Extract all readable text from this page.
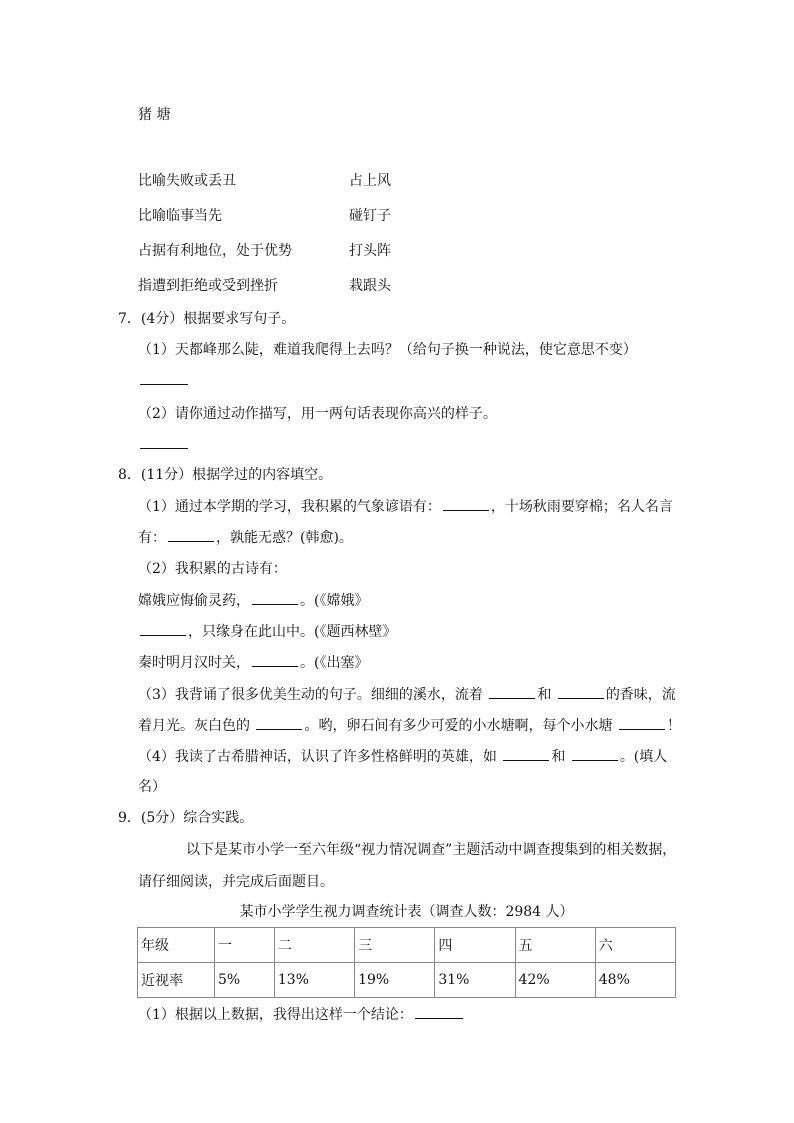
猪 塘
比喻失败或丢丑	占上风
比喻临事当先	碰钉子
占据有利地位，处于优势	打头阵
指遭到拒绝或受到挫折	栽跟头
7．(4分）根据要求写句子。
（1）天都峰那么陡，难道我爬得上去吗？（给句子换一种说法，使它意思不变）
（2）请你通过动作描写，用一两句话表现你高兴的样子。
8．(11分）根据学过的内容填空。
（1）通过本学期的学习，我积累的气象谚语有：	，十场秋雨要穿棉；名人名言
有：	，孰能无惑？(韩愈)。
（2）我积累的古诗有：
嫦娥应悔偷灵药，	。(《嫦娥》
，只缘身在此山中。(《题西林壁》
秦时明月汉时关，	。(《出塞》
（3）我背诵了很多优美生动的句子。细细的溪水，流着	和	的香味，流
着月光。灰白色的	。哟，卵石间有多少可爱的小水塘啊，每个小水塘	！
（4）我读了古希腊神话，认识了许多性格鲜明的英雄，如	和	。(填人
名）
9．(5分）综合实践。
以下是某市小学一至六年级“视力情况调查”主题活动中调查搜集到的相关数据，
请仔细阅读，并完成后面题目。
某市小学学生视力调查统计表（调查人数：2984 人）
年级	一	二	三	四	五	六
近视率	5%	13%	19%	31%	42%	48%
（1）根据以上数据，我得出这样一个结论：
